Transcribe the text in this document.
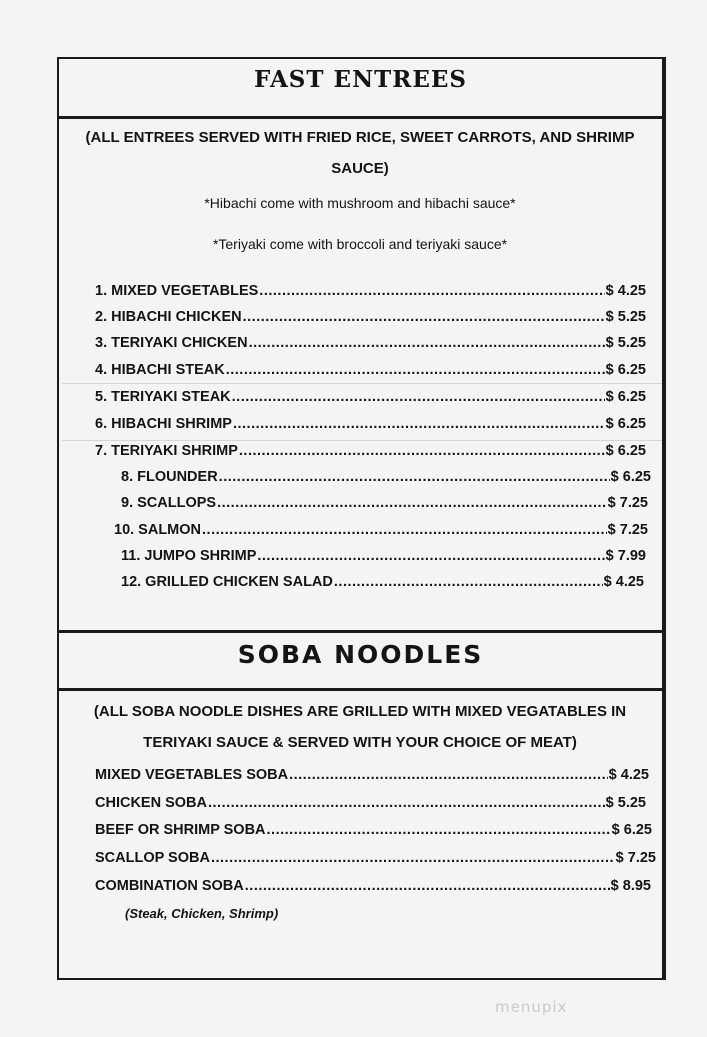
FAST ENTREES
(ALL ENTREES SERVED WITH FRIED RICE, SWEET CARROTS, AND SHRIMP SAUCE)
*Hibachi come with mushroom and hibachi sauce*
*Teriyaki come with broccoli and teriyaki sauce*
1. MIXED VEGETABLES .....	$ 4.25
2. HIBACHI CHICKEN .....	$ 5.25
3. TERIYAKI CHICKEN .....	$ 5.25
4. HIBACHI STEAK .....	$ 6.25
5. TERIYAKI STEAK .....	$ 6.25
6. HIBACHI SHRIMP .....	$ 6.25
7. TERIYAKI SHRIMP .....	$ 6.25
8. FLOUNDER .....	$ 6.25
9. SCALLOPS .....	$ 7.25
10. SALMON .....	$ 7.25
11. JUMPO SHRIMP .....	$ 7.99
12. GRILLED CHICKEN SALAD .....	$ 4.25
SOBA NOODLES
(ALL SOBA NOODLE DISHES ARE GRILLED WITH MIXED VEGATABLES IN TERIYAKI SAUCE & SERVED WITH YOUR CHOICE OF MEAT)
MIXED VEGETABLES SOBA .....	$ 4.25
CHICKEN SOBA .....	$ 5.25
BEEF OR SHRIMP SOBA .....	$ 6.25
SCALLOP SOBA .....	$ 7.25
COMBINATION SOBA .....	$ 8.95
(Steak, Chicken, Shrimp)
menupix
